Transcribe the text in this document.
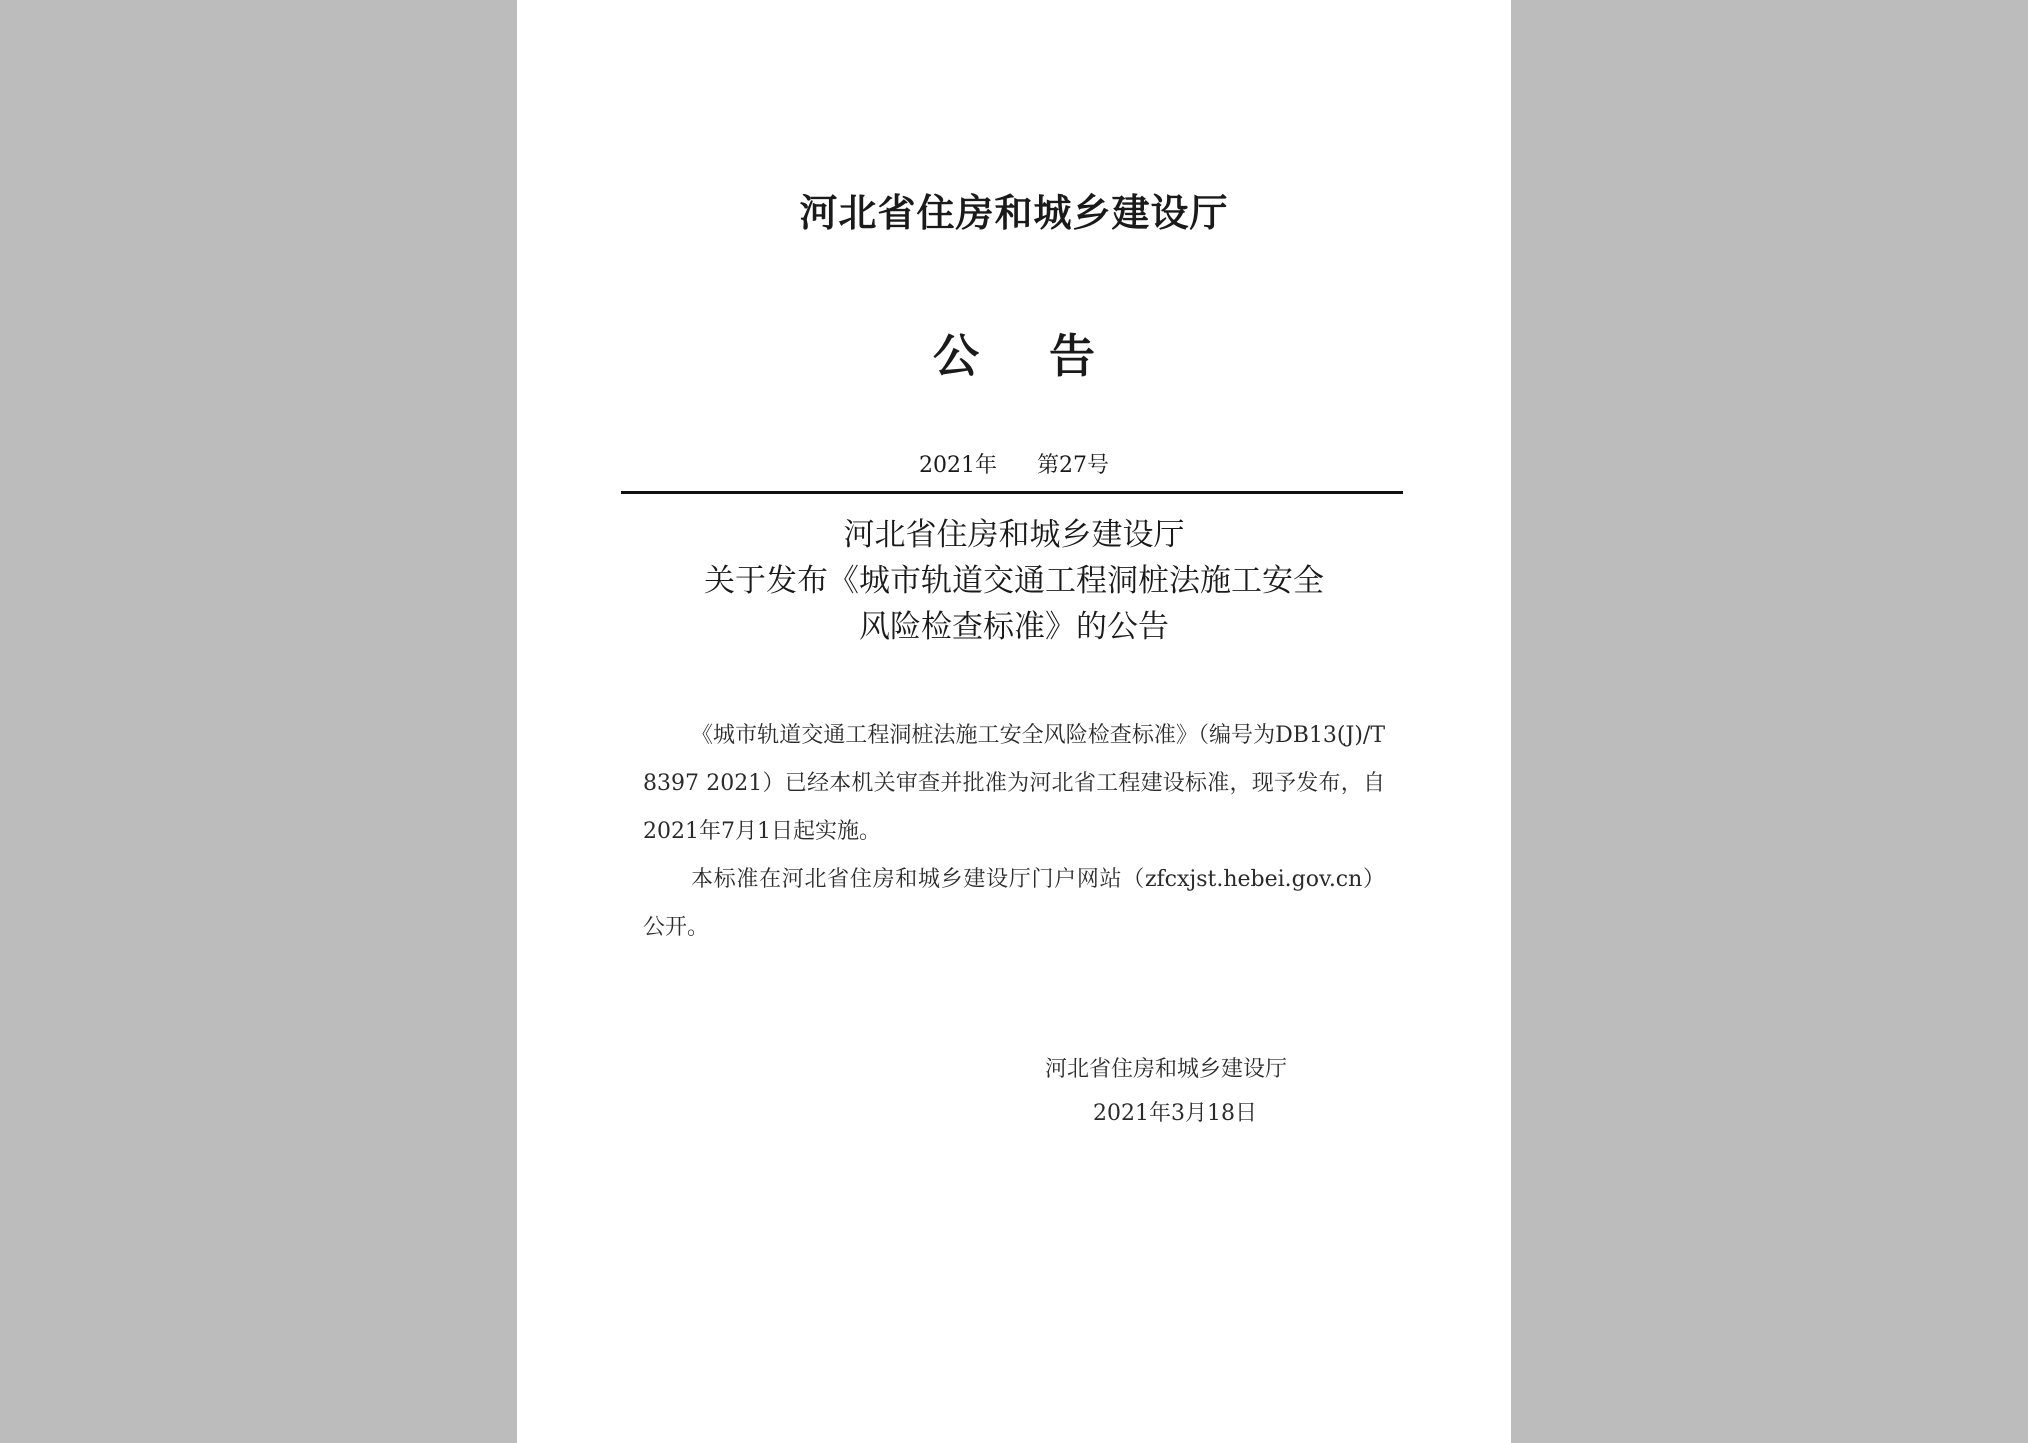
河北省住房和城乡建设厅
公告
2021年 第27号
河北省住房和城乡建设厅
关于发布《城市轨道交通工程洞桩法施工安全
风险检查标准》的公告

《城市轨道交通工程洞桩法施工安全风险检查标准》（编号为DB13(J)/T 8397 2021）已经本机关审查并批准为河北省工程建设标准，现予发布，自2021年7月1日起实施。

本标准在河北省住房和城乡建设厅门户网站（zfcxjst.hebei.gov.cn）公开。

河北省住房和城乡建设厅
2021年3月18日
